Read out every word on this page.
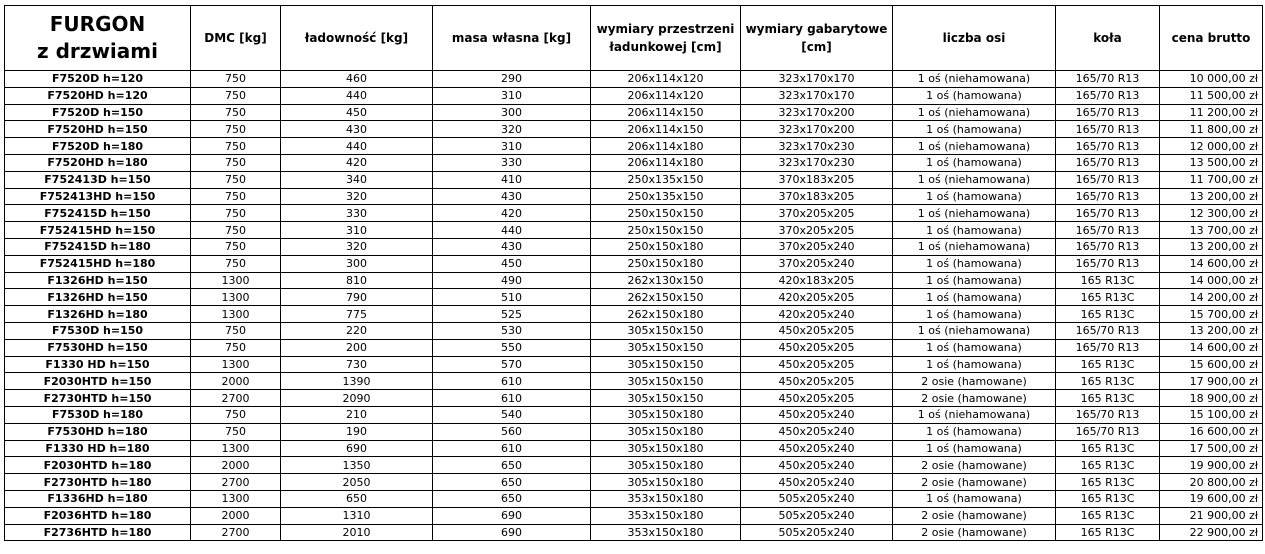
FURGON
z drzwiami	DMC [kg]	ładowność [kg]	masa własna [kg]	wymiary przestrzeni ładunkowej [cm]	wymiary gabarytowe [cm]	liczba osi	koła	cena brutto
F7520D h=120	750	460	290	206x114x120	323x170x170	1 oś (niehamowana)	165/70 R13	10 000,00 zł
F7520HD h=120	750	440	310	206x114x120	323x170x170	1 oś (hamowana)	165/70 R13	11 500,00 zł
F7520D h=150	750	450	300	206x114x150	323x170x200	1 oś (niehamowana)	165/70 R13	11 200,00 zł
F7520HD h=150	750	430	320	206x114x150	323x170x200	1 oś (hamowana)	165/70 R13	11 800,00 zł
F7520D h=180	750	440	310	206x114x180	323x170x230	1 oś (niehamowana)	165/70 R13	12 000,00 zł
F7520HD h=180	750	420	330	206x114x180	323x170x230	1 oś (hamowana)	165/70 R13	13 500,00 zł
F752413D h=150	750	340	410	250x135x150	370x183x205	1 oś (niehamowana)	165/70 R13	11 700,00 zł
F752413HD h=150	750	320	430	250x135x150	370x183x205	1 oś (hamowana)	165/70 R13	13 200,00 zł
F752415D h=150	750	330	420	250x150x150	370x205x205	1 oś (niehamowana)	165/70 R13	12 300,00 zł
F752415HD h=150	750	310	440	250x150x150	370x205x205	1 oś (hamowana)	165/70 R13	13 700,00 zł
F752415D h=180	750	320	430	250x150x180	370x205x240	1 oś (niehamowana)	165/70 R13	13 200,00 zł
F752415HD h=180	750	300	450	250x150x180	370x205x240	1 oś (hamowana)	165/70 R13	14 600,00 zł
F1326HD h=150	1300	810	490	262x130x150	420x183x205	1 oś (hamowana)	165 R13C	14 000,00 zł
F1326HD h=150	1300	790	510	262x150x150	420x205x205	1 oś (hamowana)	165 R13C	14 200,00 zł
F1326HD h=180	1300	775	525	262x150x180	420x205x240	1 oś (hamowana)	165 R13C	15 700,00 zł
F7530D h=150	750	220	530	305x150x150	450x205x205	1 oś (niehamowana)	165/70 R13	13 200,00 zł
F7530HD h=150	750	200	550	305x150x150	450x205x205	1 oś (hamowana)	165/70 R13	14 600,00 zł
F1330 HD h=150	1300	730	570	305x150x150	450x205x205	1 oś (hamowana)	165 R13C	15 600,00 zł
F2030HTD h=150	2000	1390	610	305x150x150	450x205x205	2 osie (hamowane)	165 R13C	17 900,00 zł
F2730HTD h=150	2700	2090	610	305x150x150	450x205x205	2 osie (hamowane)	165 R13C	18 900,00 zł
F7530D h=180	750	210	540	305x150x180	450x205x240	1 oś (niehamowana)	165/70 R13	15 100,00 zł
F7530HD h=180	750	190	560	305x150x180	450x205x240	1 oś (hamowana)	165/70 R13	16 600,00 zł
F1330 HD h=180	1300	690	610	305x150x180	450x205x240	1 oś (hamowana)	165 R13C	17 500,00 zł
F2030HTD h=180	2000	1350	650	305x150x180	450x205x240	2 osie (hamowane)	165 R13C	19 900,00 zł
F2730HTD h=180	2700	2050	650	305x150x180	450x205x240	2 osie (hamowane)	165 R13C	20 800,00 zł
F1336HD h=180	1300	650	650	353x150x180	505x205x240	1 oś (hamowana)	165 R13C	19 600,00 zł
F2036HTD h=180	2000	1310	690	353x150x180	505x205x240	2 osie (hamowane)	165 R13C	21 900,00 zł
F2736HTD h=180	2700	2010	690	353x150x180	505x205x240	2 osie (hamowane)	165 R13C	22 900,00 zł
